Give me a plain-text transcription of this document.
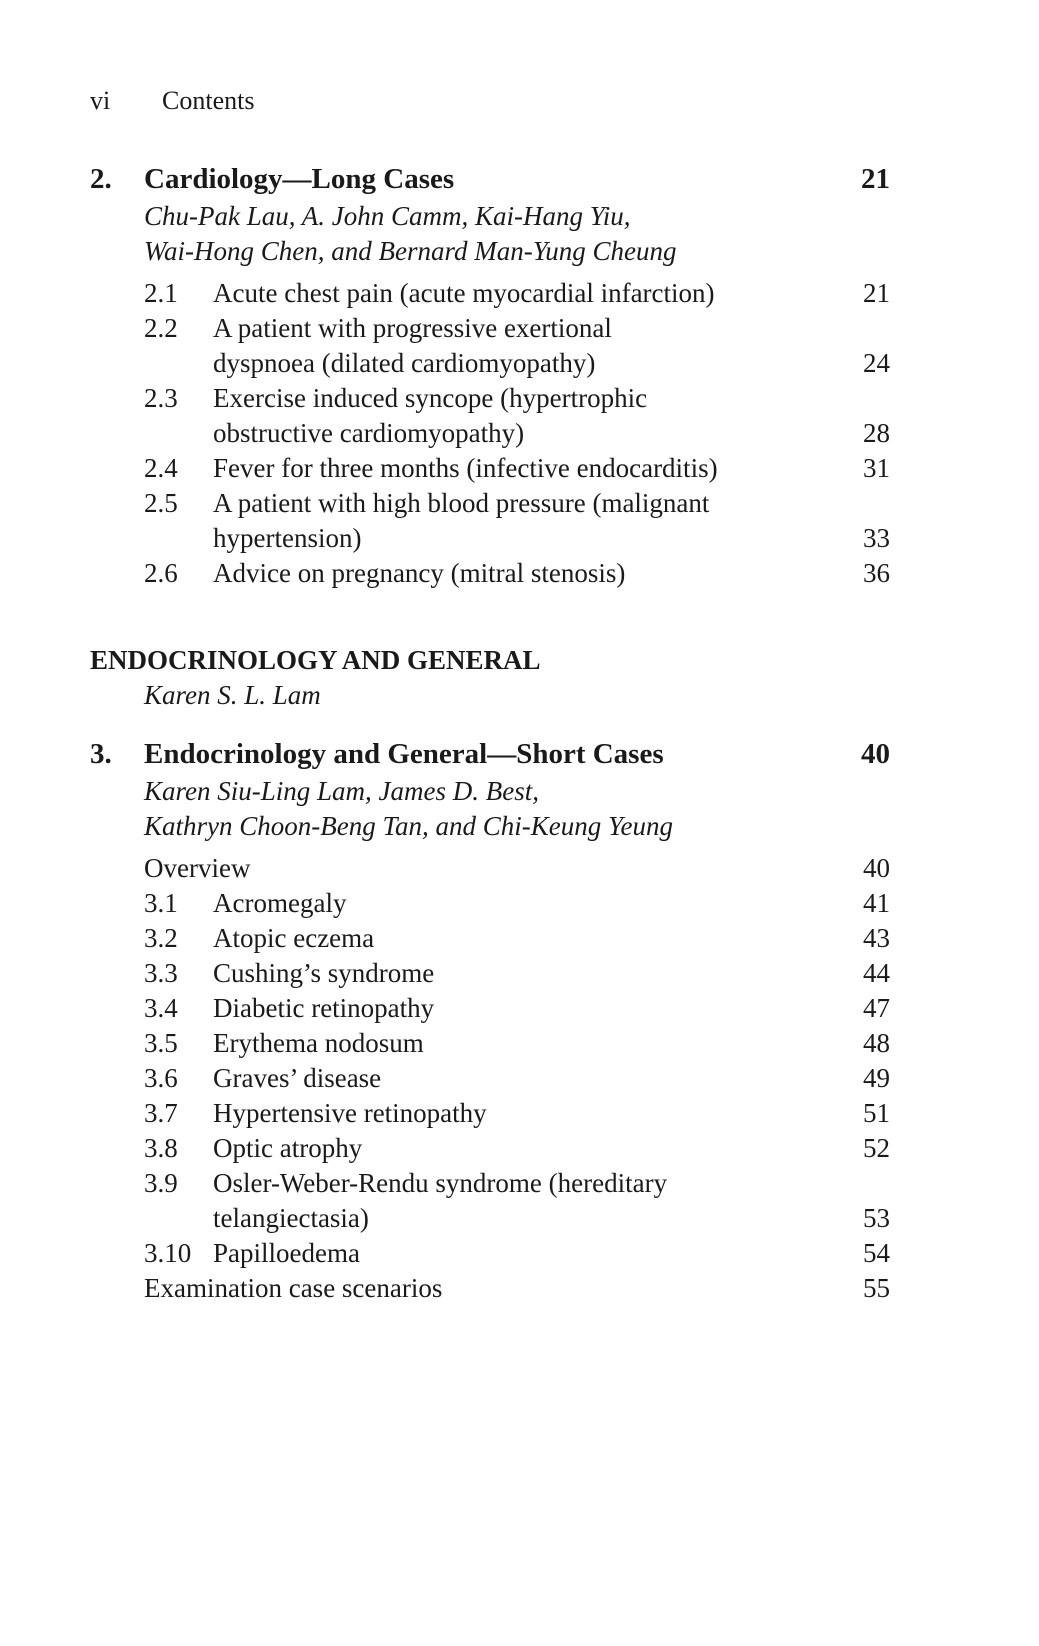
vi Contents
2. Cardiology—Long Cases	21
Chu-Pak Lau, A. John Camm, Kai-Hang Yiu,
Wai-Hong Chen, and Bernard Man-Yung Cheung
2.1 Acute chest pain (acute myocardial infarction)	21
2.2 A patient with progressive exertional dyspnoea (dilated cardiomyopathy)	24
2.3 Exercise induced syncope (hypertrophic obstructive cardiomyopathy)	28
2.4 Fever for three months (infective endocarditis)	31
2.5 A patient with high blood pressure (malignant hypertension)	33
2.6 Advice on pregnancy (mitral stenosis)	36
ENDOCRINOLOGY AND GENERAL
Karen S. L. Lam
3. Endocrinology and General—Short Cases	40
Karen Siu-Ling Lam, James D. Best,
Kathryn Choon-Beng Tan, and Chi-Keung Yeung
Overview	40
3.1 Acromegaly	41
3.2 Atopic eczema	43
3.3 Cushing’s syndrome	44
3.4 Diabetic retinopathy	47
3.5 Erythema nodosum	48
3.6 Graves’ disease	49
3.7 Hypertensive retinopathy	51
3.8 Optic atrophy	52
3.9 Osler-Weber-Rendu syndrome (hereditary telangiectasia)	53
3.10 Papilloedema	54
Examination case scenarios	55
